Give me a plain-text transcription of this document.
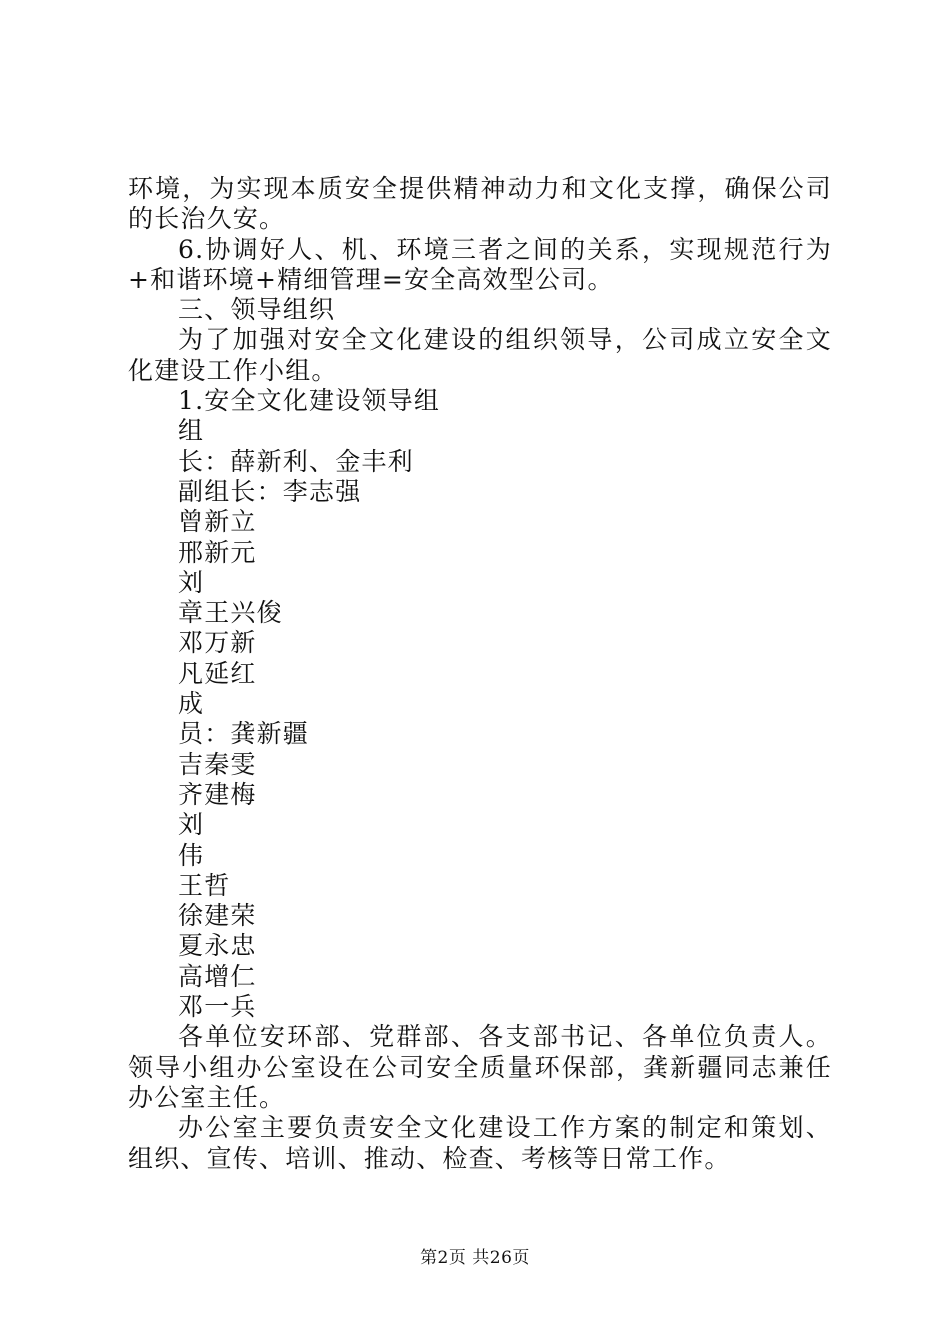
环境，为实现本质安全提供精神动力和文化支撑，确保公司的长治久安。

6.协调好人、机、环境三者之间的关系，实现规范行为+和谐环境+精细管理=安全高效型公司。

三、领导组织

为了加强对安全文化建设的组织领导，公司成立安全文化建设工作小组。

1.安全文化建设领导组

组
长：薛新利、金丰利
副组长：李志强
曾新立
邢新元
刘
章王兴俊
邓万新
凡延红
成
员：龚新疆
吉秦雯
齐建梅
刘
伟
王哲
徐建荣
夏永忠
高增仁
邓一兵

各单位安环部、党群部、各支部书记、各单位负责人。领导小组办公室设在公司安全质量环保部，龚新疆同志兼任办公室主任。

办公室主要负责安全文化建设工作方案的制定和策划、组织、宣传、培训、推动、检查、考核等日常工作。

第2页 共26页
